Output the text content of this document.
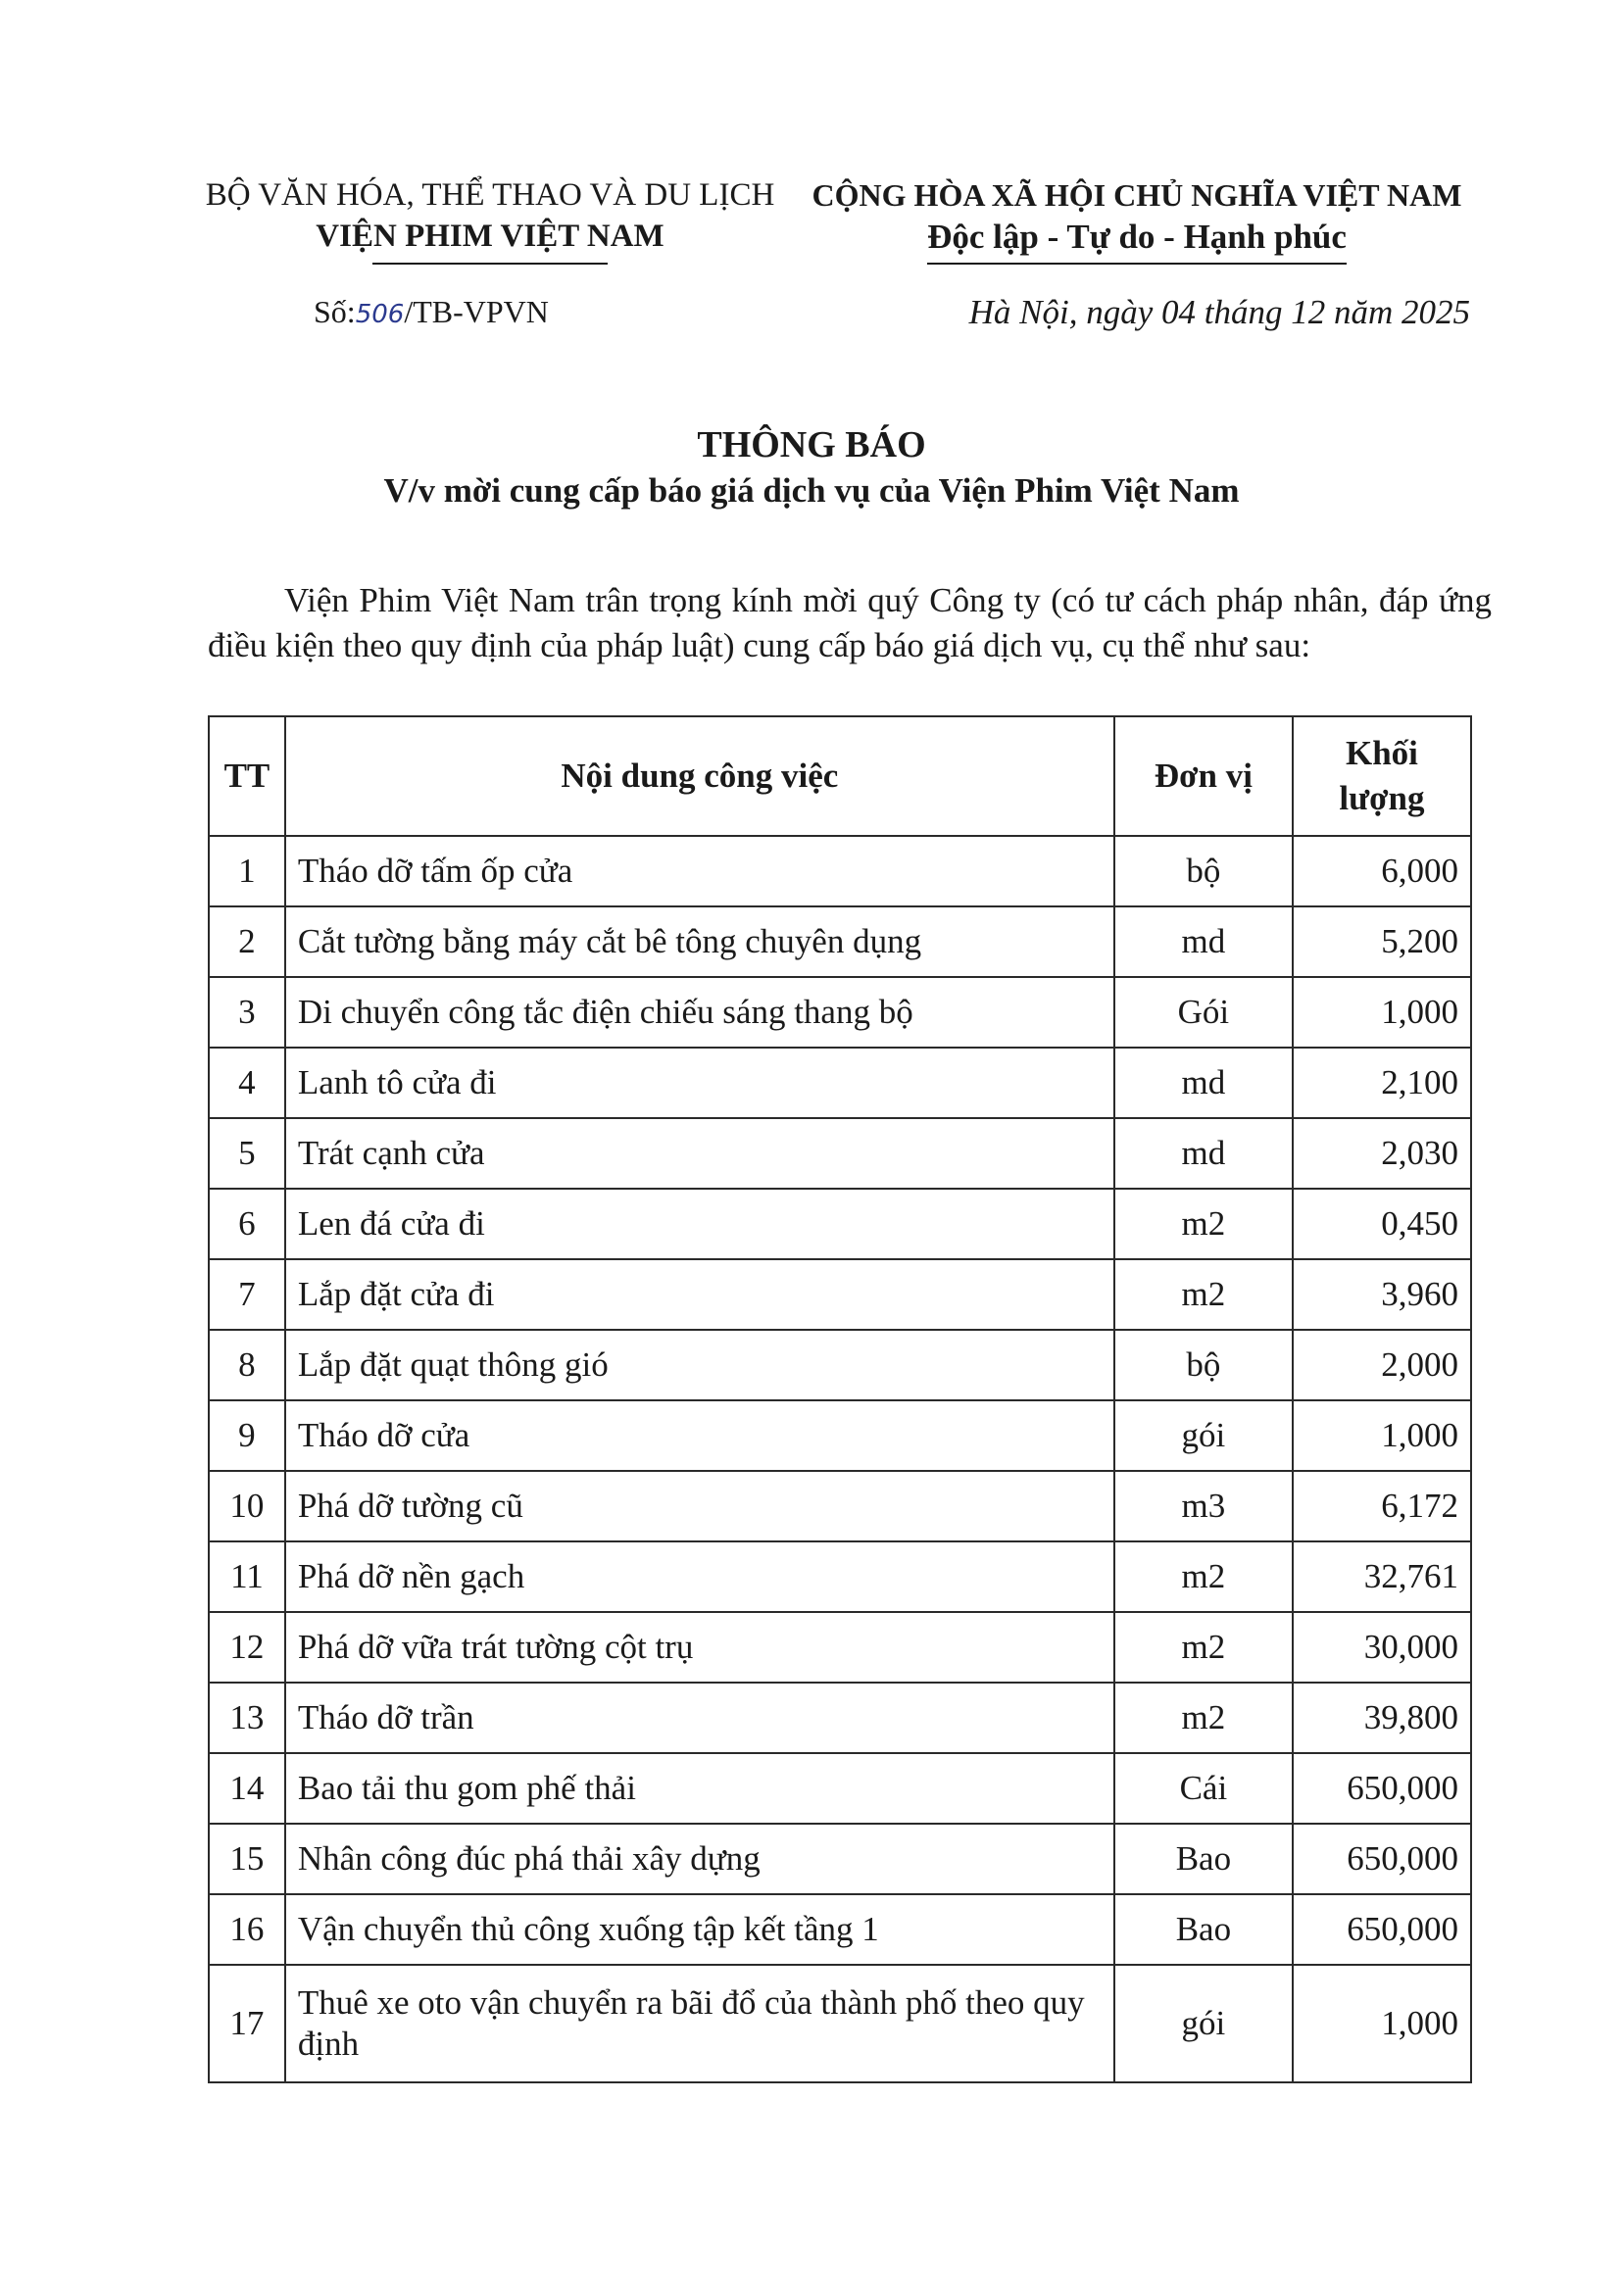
BỘ VĂN HÓA, THỂ THAO VÀ DU LỊCH
VIỆN PHIM VIỆT NAM
CỘNG HÒA XÃ HỘI CHỦ NGHĨA VIỆT NAM
Độc lập - Tự do - Hạnh phúc
Số:506/TB-VPVN	Hà Nội, ngày 04 tháng 12 năm 2025
THÔNG BÁO
V/v mời cung cấp báo giá dịch vụ của Viện Phim Việt Nam
Viện Phim Việt Nam trân trọng kính mời quý Công ty (có tư cách pháp nhân, đáp ứng điều kiện theo quy định của pháp luật) cung cấp báo giá dịch vụ, cụ thể như sau:
TT	Nội dung công việc	Đơn vị	Khối lượng
1	Tháo dỡ tấm ốp cửa	bộ	6,000
2	Cắt tường bằng máy cắt bê tông chuyên dụng	md	5,200
3	Di chuyển công tắc điện chiếu sáng thang bộ	Gói	1,000
4	Lanh tô cửa đi	md	2,100
5	Trát cạnh cửa	md	2,030
6	Len đá cửa đi	m2	0,450
7	Lắp đặt cửa đi	m2	3,960
8	Lắp đặt quạt thông gió	bộ	2,000
9	Tháo dỡ cửa	gói	1,000
10	Phá dỡ tường cũ	m3	6,172
11	Phá dỡ nền gạch	m2	32,761
12	Phá dỡ vữa trát tường cột trụ	m2	30,000
13	Tháo dỡ trần	m2	39,800
14	Bao tải thu gom phế thải	Cái	650,000
15	Nhân công đúc phá thải xây dựng	Bao	650,000
16	Vận chuyển thủ công xuống tập kết tầng 1	Bao	650,000
17	Thuê xe oto vận chuyển ra bãi đổ của thành phố theo quy định	gói	1,000
